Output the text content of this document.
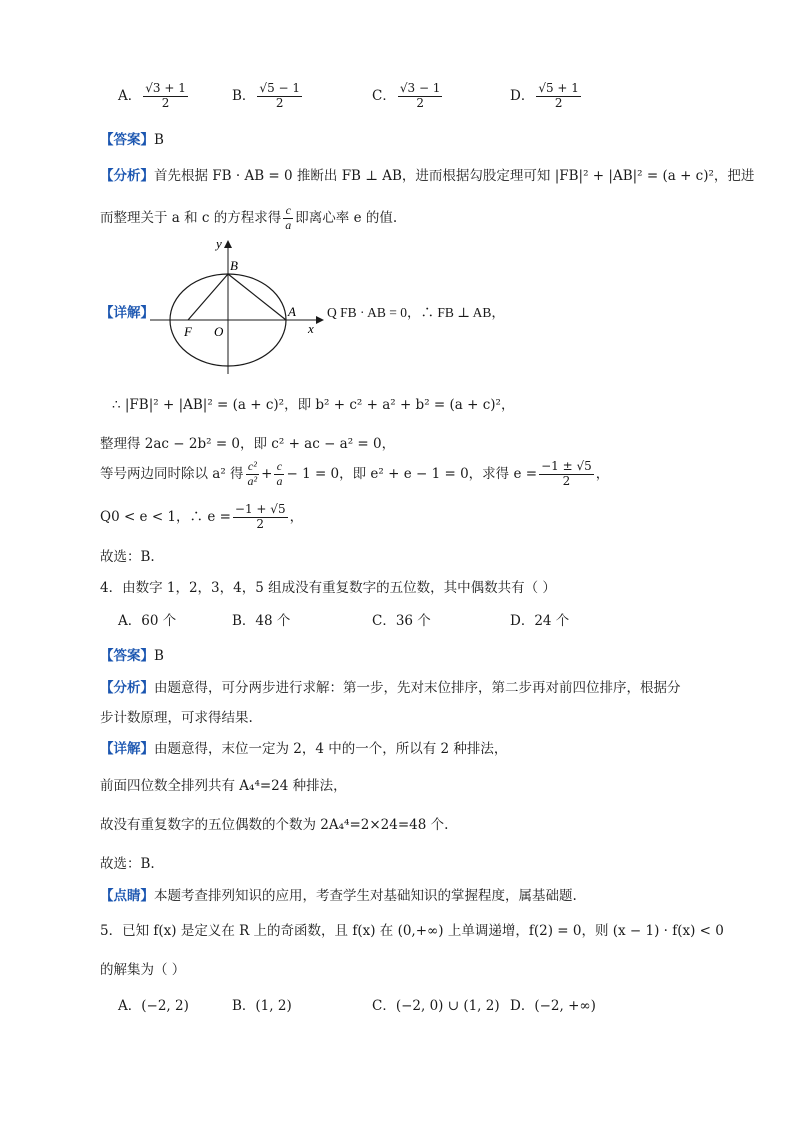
A． $\frac{√3 + 1}{2}$	B． $\frac{√5 - 1}{2}$	C． $\frac{√3 - 1}{2}$	D． $\frac{√5 + 1}{2}$
【答案】B
【分析】首先根据 FB · AB = 0 推断出 FB ⊥ AB，进而根据勾股定理可知 |FB|² + |AB|² = (a + c)²，把进
而整理关于 a 和 c 的方程求得 $\frac{c}{a}$ 即离心率 e 的值.
【详解】
y
B
A
x
F O
Q FB · AB = 0，∴ FB ⊥ AB，
∴ |FB|² + |AB|² = (a + c)²，即 b² + c² + a² + b² = (a + c)²，
整理得 2ac − 2b² = 0，即 c² + ac − a² = 0，
等号两边同时除以 a² 得 $\frac{\text{c²}}{\text{a²}} + \frac{c}{a} - 1 = 0$，即 e² + e − 1 = 0，求得 $e = \frac{-1 \pm √5}{2}$ ，
Q0 < e < 1，∴ $e = \frac{-1 + √5}{2}$ ，
故选：B.
4．由数字 1，2，3，4，5 组成没有重复数字的五位数，其中偶数共有（ ）
A．60 个	B．48 个	C．36 个	D．24 个
【答案】B
【分析】由题意得，可分两步进行求解：第一步，先对末位排序，第二步再对前四位排序，根据分
步计数原理，可求得结果.
【详解】由题意得，末位一定为 2，4 中的一个，所以有 2 种排法，
前面四位数全排列共有 A₄⁴=24 种排法，
故没有重复数字的五位偶数的个数为 2A₄⁴=2×24=48 个.
故选：B.
【点睛】本题考查排列知识的应用，考查学生对基础知识的掌握程度，属基础题.
5．已知 f(x) 是定义在 R 上的奇函数，且 f(x) 在 (0,+∞) 上单调递增，f(2) = 0，则 (x − 1) · f(x) < 0
的解集为（ ）
A．(−2, 2)	B．(1, 2)	C．(−2, 0) ∪ (1, 2) D．(−2, +∞)
